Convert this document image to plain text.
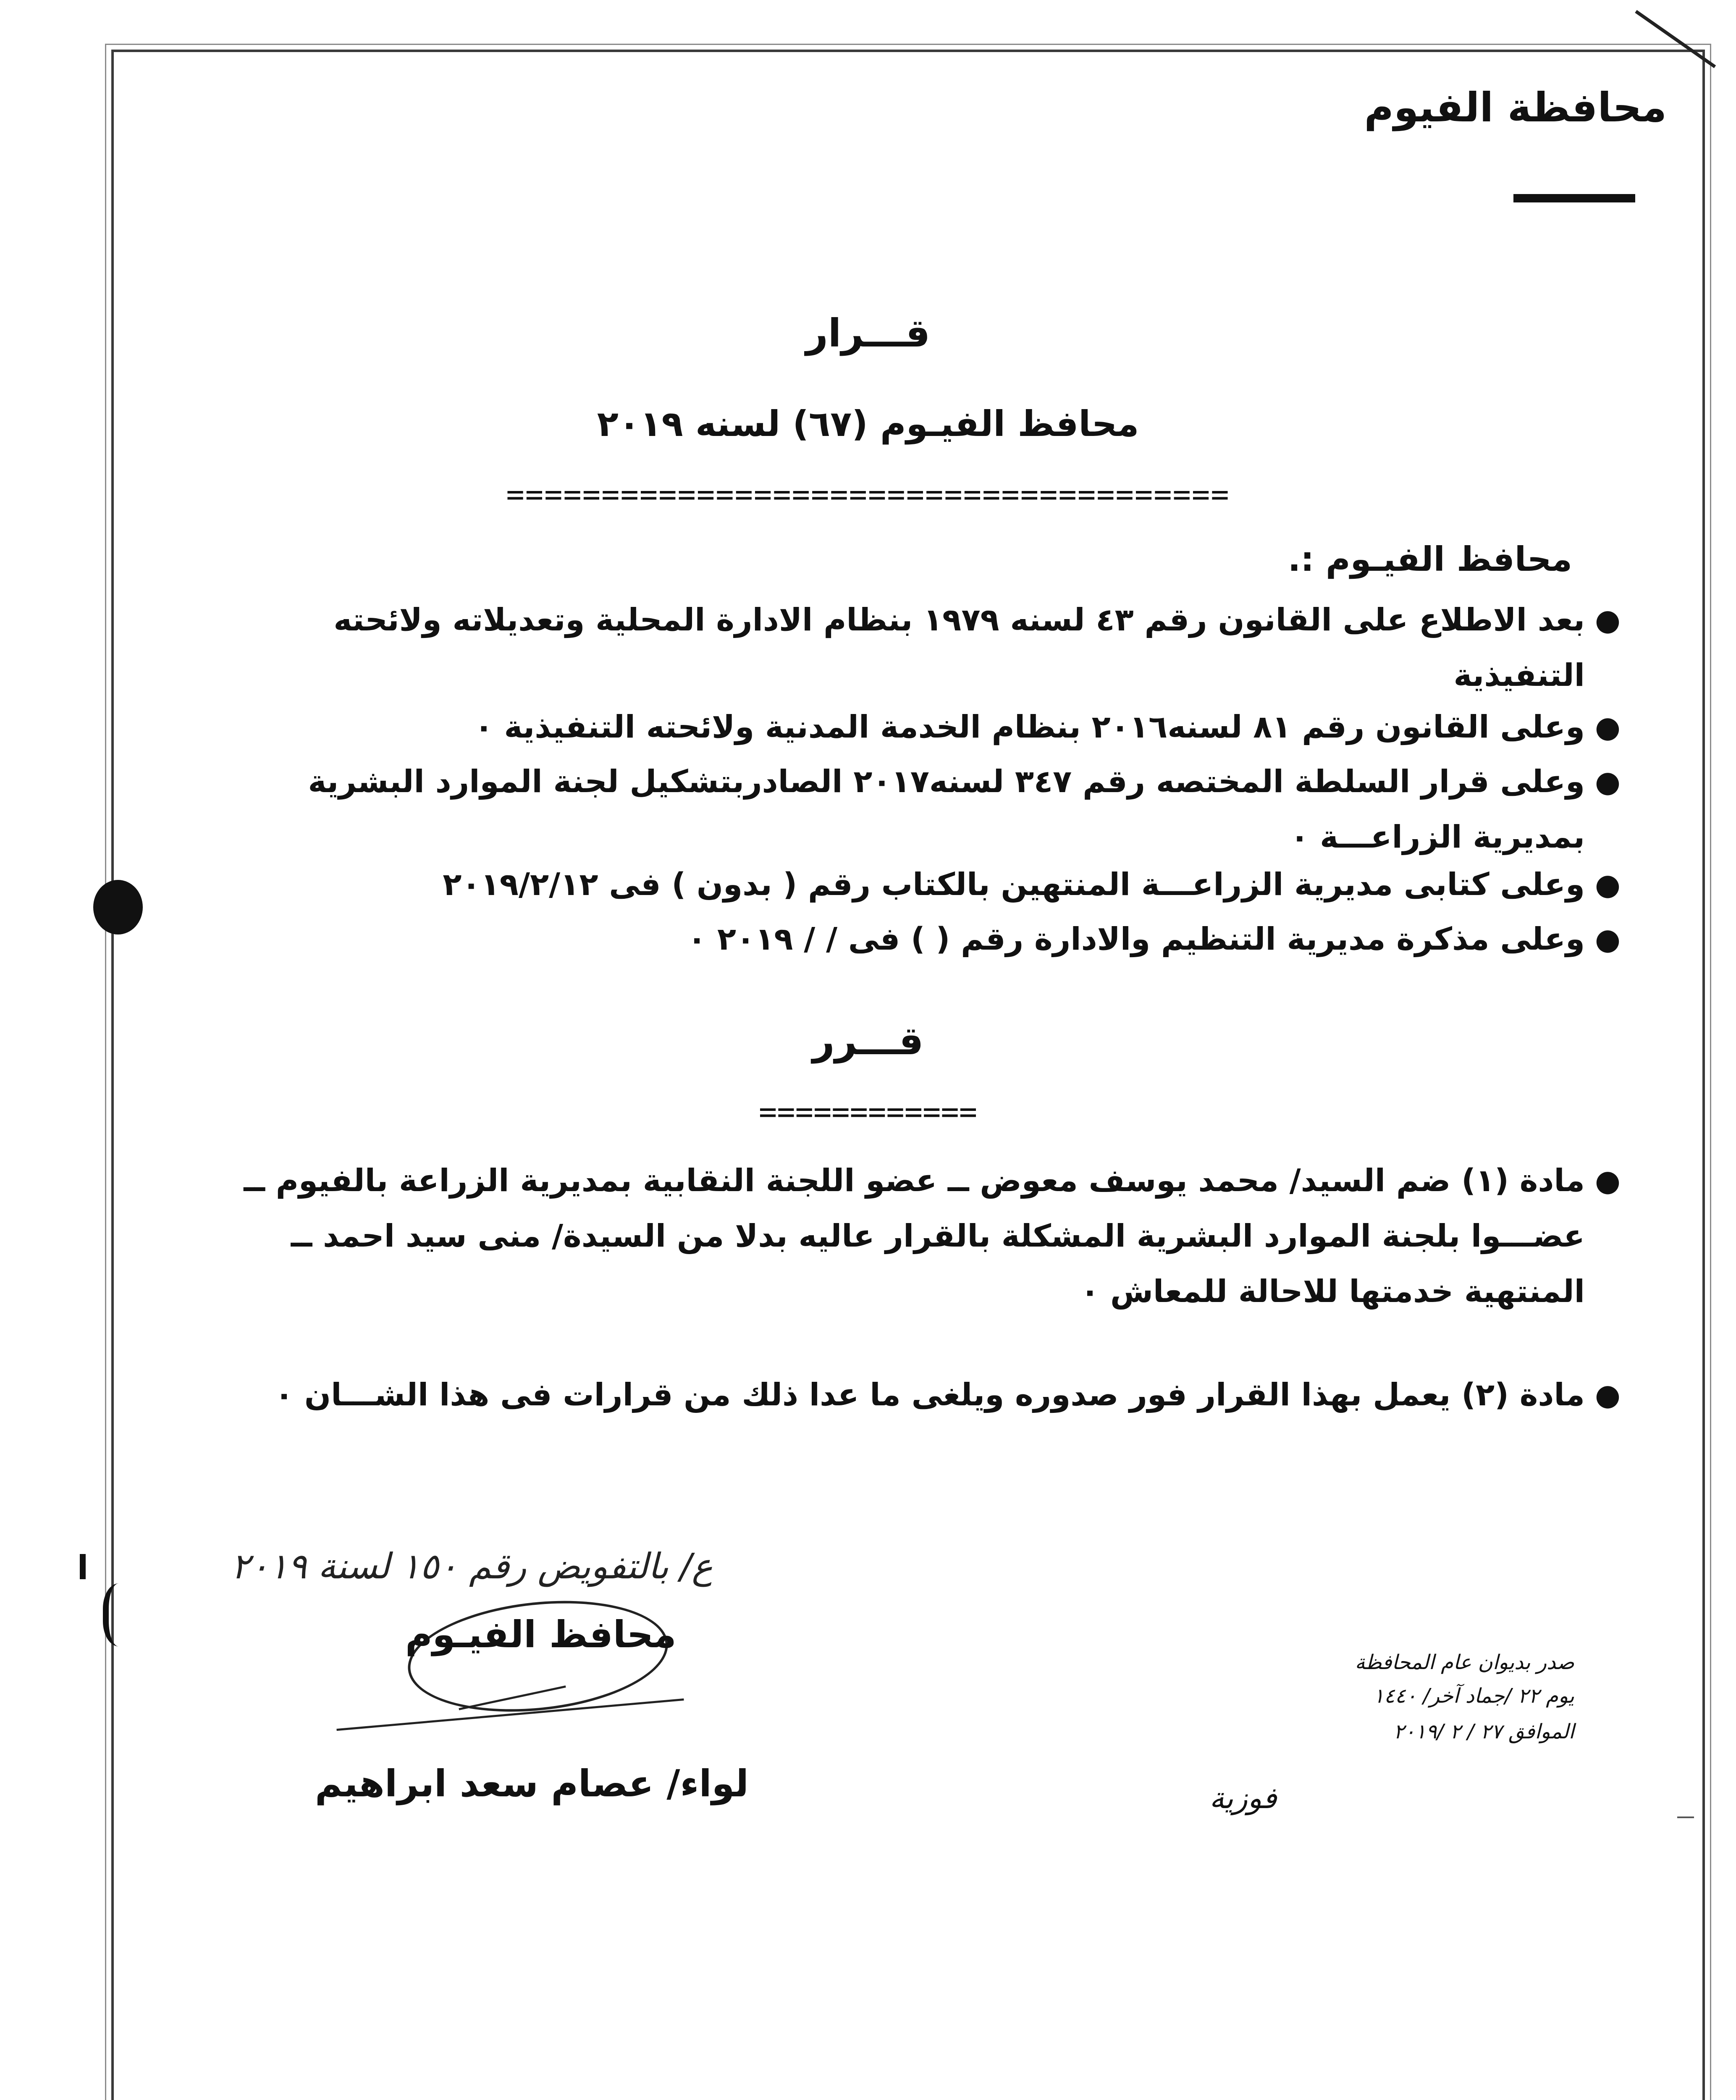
محافظة الفيوم
قـــرار
محافظ الفيـوم (٦٧) لسنه ٢٠١٩
======================================
محافظ الفيـوم :.
●
بعد الاطلاع على القانون رقم ٤٣ لسنه ١٩٧٩ بنظام الادارة المحلية وتعديلاته ولائحته
التنفيذية
●
وعلى القانون رقم ٨١ لسنه٢٠١٦ بنظام الخدمة المدنية ولائحته التنفيذية ٠
●
وعلى قرار السلطة المختصه رقم ٣٤٧ لسنه٢٠١٧ الصادربتشكيل لجنة الموارد البشرية
بمديرية الزراعـــة ٠
●
وعلى كتابى مديرية الزراعـــة المنتهين بالكتاب رقم ( بدون ) فى ٢٠١٩/٢/١٢
●
وعلى مذكرة مديرية التنظيم والادارة رقم ( ) فى / / ٢٠١٩ ٠
قـــرر
============
●
مادة (١) ضم السيد/ محمد يوسف معوض ــ عضو اللجنة النقابية بمديرية الزراعة بالفيوم ــ
عضـــوا بلجنة الموارد البشرية المشكلة بالقرار عاليه بدلا من السيدة/ منى سيد احمد ــ
المنتهية خدمتها للاحالة للمعاش ٠
●
مادة (٢) يعمل بهذا القرار فور صدوره ويلغى ما عدا ذلك من قرارات فى هذا الشـــان ٠
ع/ بالتفويض رقم ١٥٠ لسنة ٢٠١٩
محافظ الفيـوم
لواء/ عصام سعد ابراهيم
صدر بديوان عام المحافظة
يوم ٢٢ /جماد آخر/ ١٤٤٠
الموافق ٢٧ / ٢ /٢٠١٩
فوزية
